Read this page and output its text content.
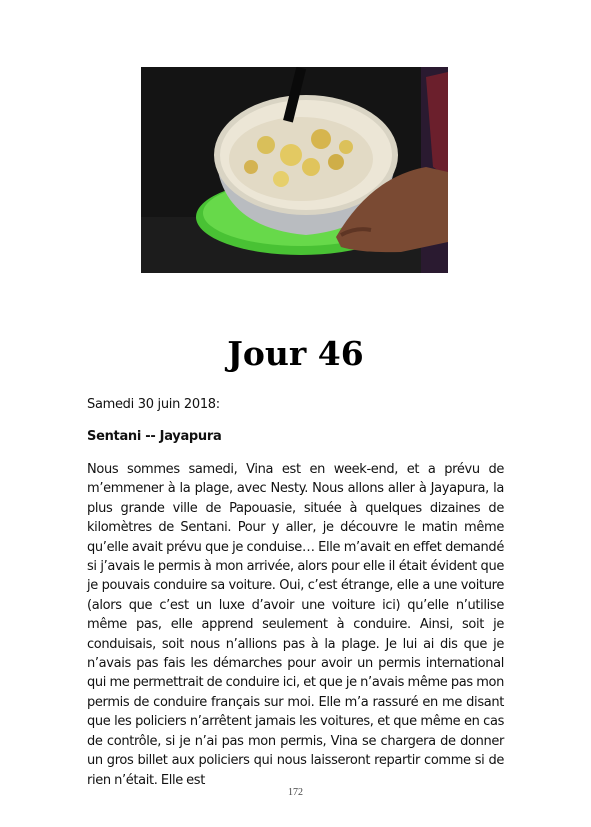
Jour 46

Samedi 30 juin 2018:

Sentani -- Jayapura

Nous sommes samedi, Vina est en week-end, et a prévu de m’emmener à la plage, avec Nesty. Nous allons aller à Jayapura, la plus grande ville de Papouasie, située à quelques dizaines de kilomètres de Sentani. Pour y aller, je découvre le matin même qu’elle avait prévu que je conduise… Elle m’avait en effet demandé si j’avais le permis à mon arrivée, alors pour elle il était évident que je pouvais conduire sa voiture. Oui, c’est étrange, elle a une voiture (alors que c’est un luxe d’avoir une voiture ici) qu’elle n’utilise même pas, elle apprend seulement à conduire. Ainsi, soit je conduisais, soit nous n’allions pas à la plage. Je lui ai dis que je n’avais pas fais les démarches pour avoir un permis international qui me permettrait de conduire ici, et que je n’avais même pas mon permis de conduire français sur moi. Elle m’a rassuré en me disant que les policiers n’arrêtent jamais les voitures, et que même en cas de contrôle, si je n’ai pas mon permis, Vina se chargera de donner un gros billet aux policiers qui nous laisseront repartir comme si de rien n’était. Elle est

172
